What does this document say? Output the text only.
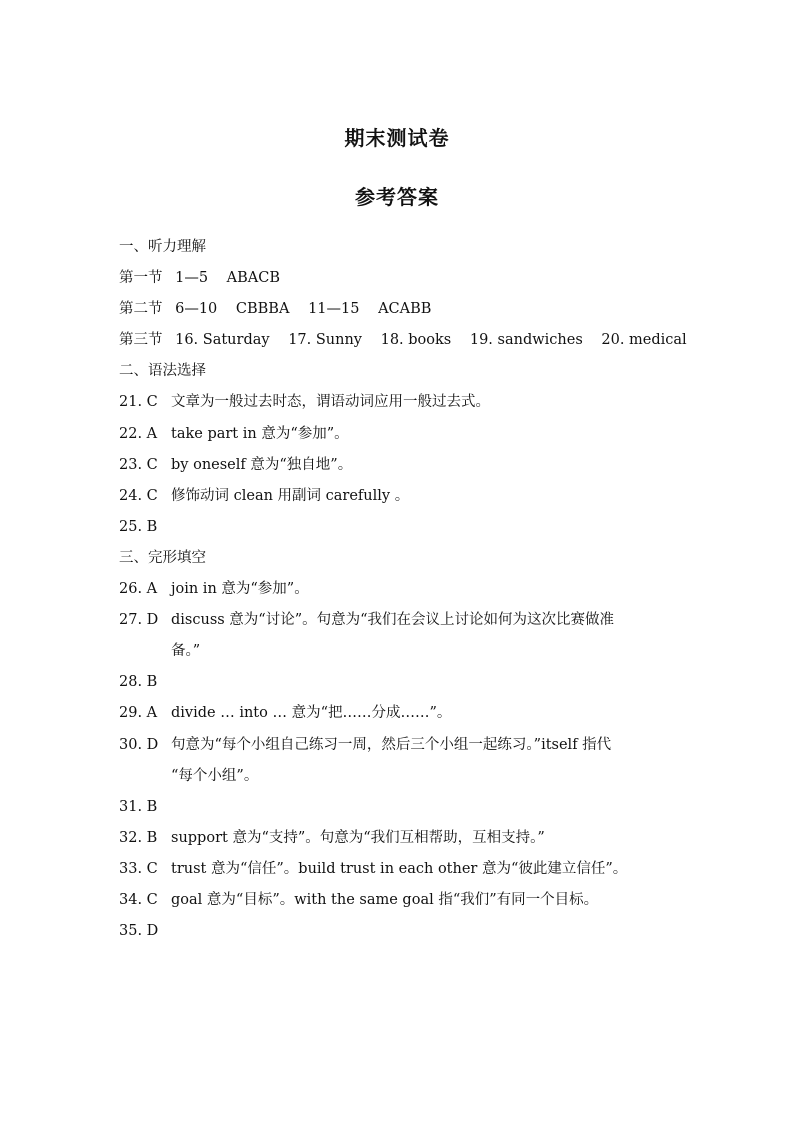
期末测试卷
参考答案
一、听力理解
第一节 1—5 ABACB
第二节 6—10 CBBBA 11—15 ACABB
第三节 16. Saturday 17. Sunny 18. books 19. sandwiches 20. medical
二、语法选择
21. C 文章为一般过去时态，谓语动词应用一般过去式。
22. A take part in 意为“参加”。
23. C by oneself 意为“独自地”。
24. C 修饰动词 clean 用副词 carefully 。
25. B
三、完形填空
26. A join in 意为“参加”。
27. D discuss 意为“讨论”。句意为“我们在会议上讨论如何为这次比赛做准
备。”
28. B
29. A divide … into … 意为“把……分成……”。
30. D 句意为“每个小组自己练习一周，然后三个小组一起练习。”itself 指代
“每个小组”。
31. B
32. B support 意为“支持”。句意为“我们互相帮助，互相支持。”
33. C trust 意为“信任”。build trust in each other 意为“彼此建立信任”。
34. C goal 意为“目标”。with the same goal 指“我们”有同一个目标。
35. D
